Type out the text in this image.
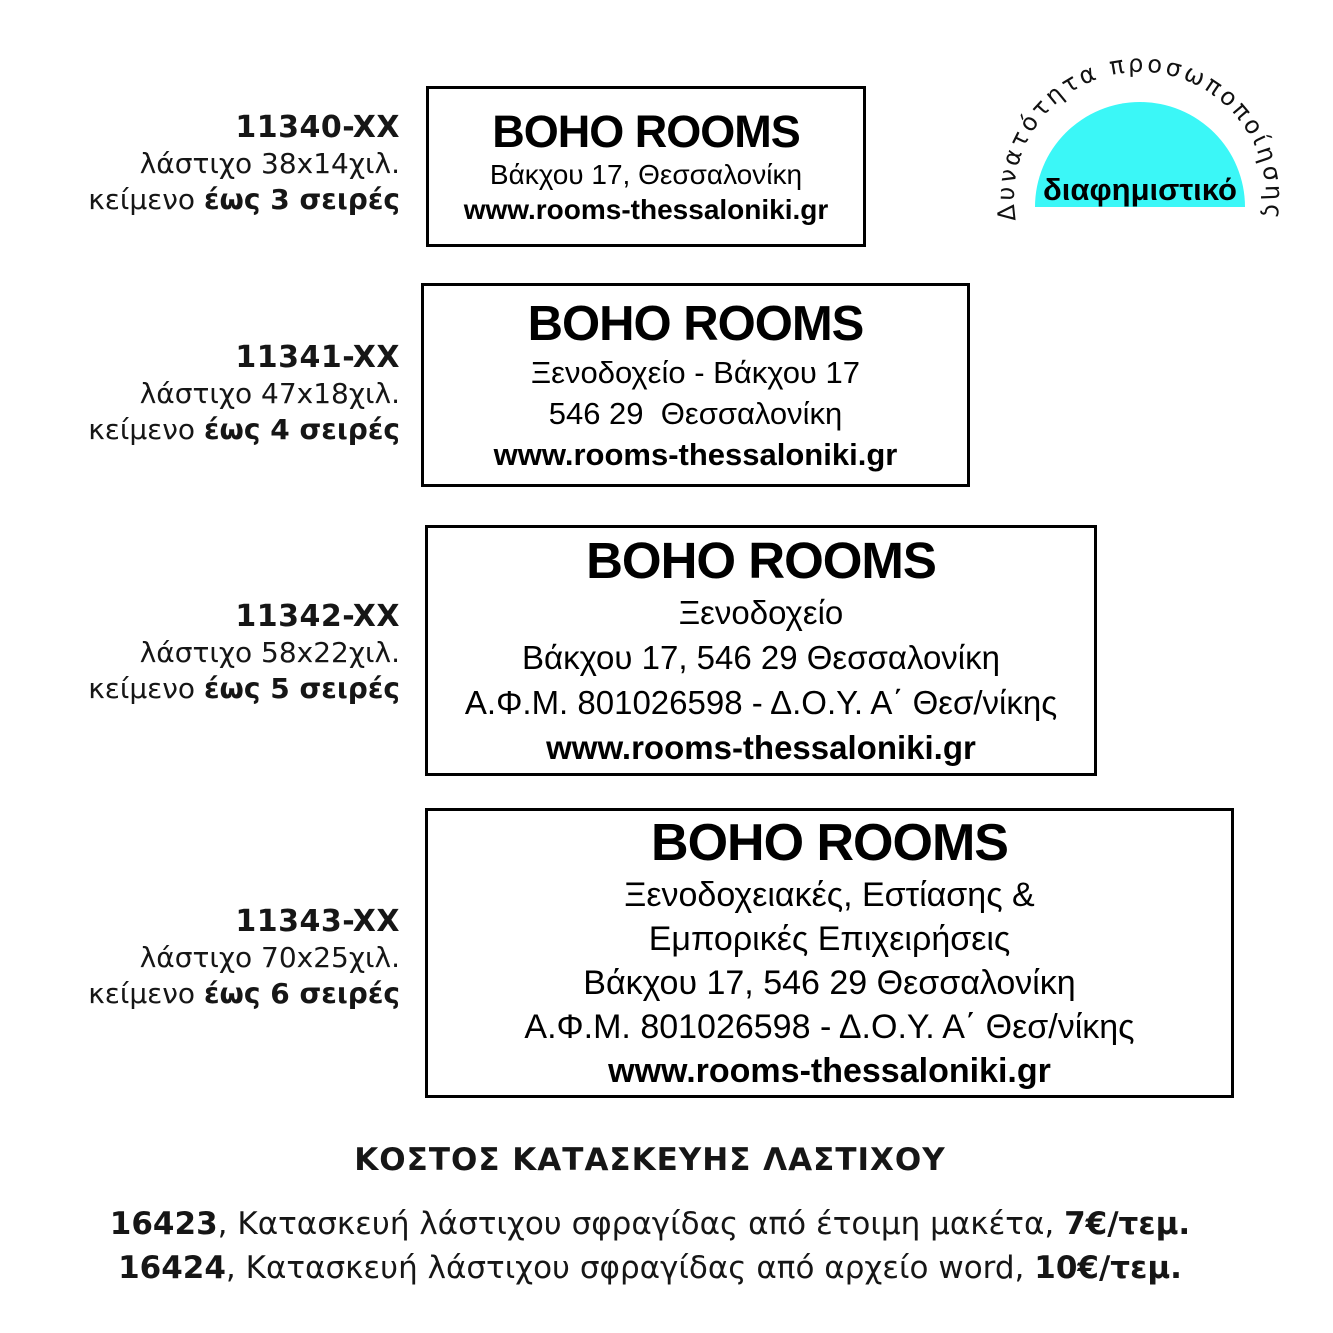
Δυνατότητα προσωποποίησης
διαφημιστικό
11340-XX
λάστιχο 38x14χιλ.
κείμενο έως 3 σειρές
BOHO ROOMS
Βάκχου 17, Θεσσαλονίκη
www.rooms-thessaloniki.gr
11341-XX
λάστιχο 47x18χιλ.
κείμενο έως 4 σειρές
BOHO ROOMS
Ξενοδοχείο - Βάκχου 17
546 29  Θεσσαλονίκη
www.rooms-thessaloniki.gr
11342-XX
λάστιχο 58x22χιλ.
κείμενο έως 5 σειρές
BOHO ROOMS
Ξενοδοχείο
Βάκχου 17, 546 29 Θεσσαλονίκη
Α.Φ.Μ. 801026598 - Δ.Ο.Υ. Α΄ Θεσ/νίκης
www.rooms-thessaloniki.gr
11343-XX
λάστιχο 70x25χιλ.
κείμενο έως 6 σειρές
BOHO ROOMS
Ξενοδοχειακές, Εστίασης &
Εμπορικές Επιχειρήσεις
Βάκχου 17, 546 29 Θεσσαλονίκη
Α.Φ.Μ. 801026598 - Δ.Ο.Υ. Α΄ Θεσ/νίκης
www.rooms-thessaloniki.gr
ΚΟΣΤΟΣ ΚΑΤΑΣΚΕΥΗΣ ΛΑΣΤΙΧΟΥ
16423, Κατασκευή λάστιχου σφραγίδας από έτοιμη μακέτα, 7€/τεμ.
16424, Κατασκευή λάστιχου σφραγίδας από αρχείο word, 10€/τεμ.
